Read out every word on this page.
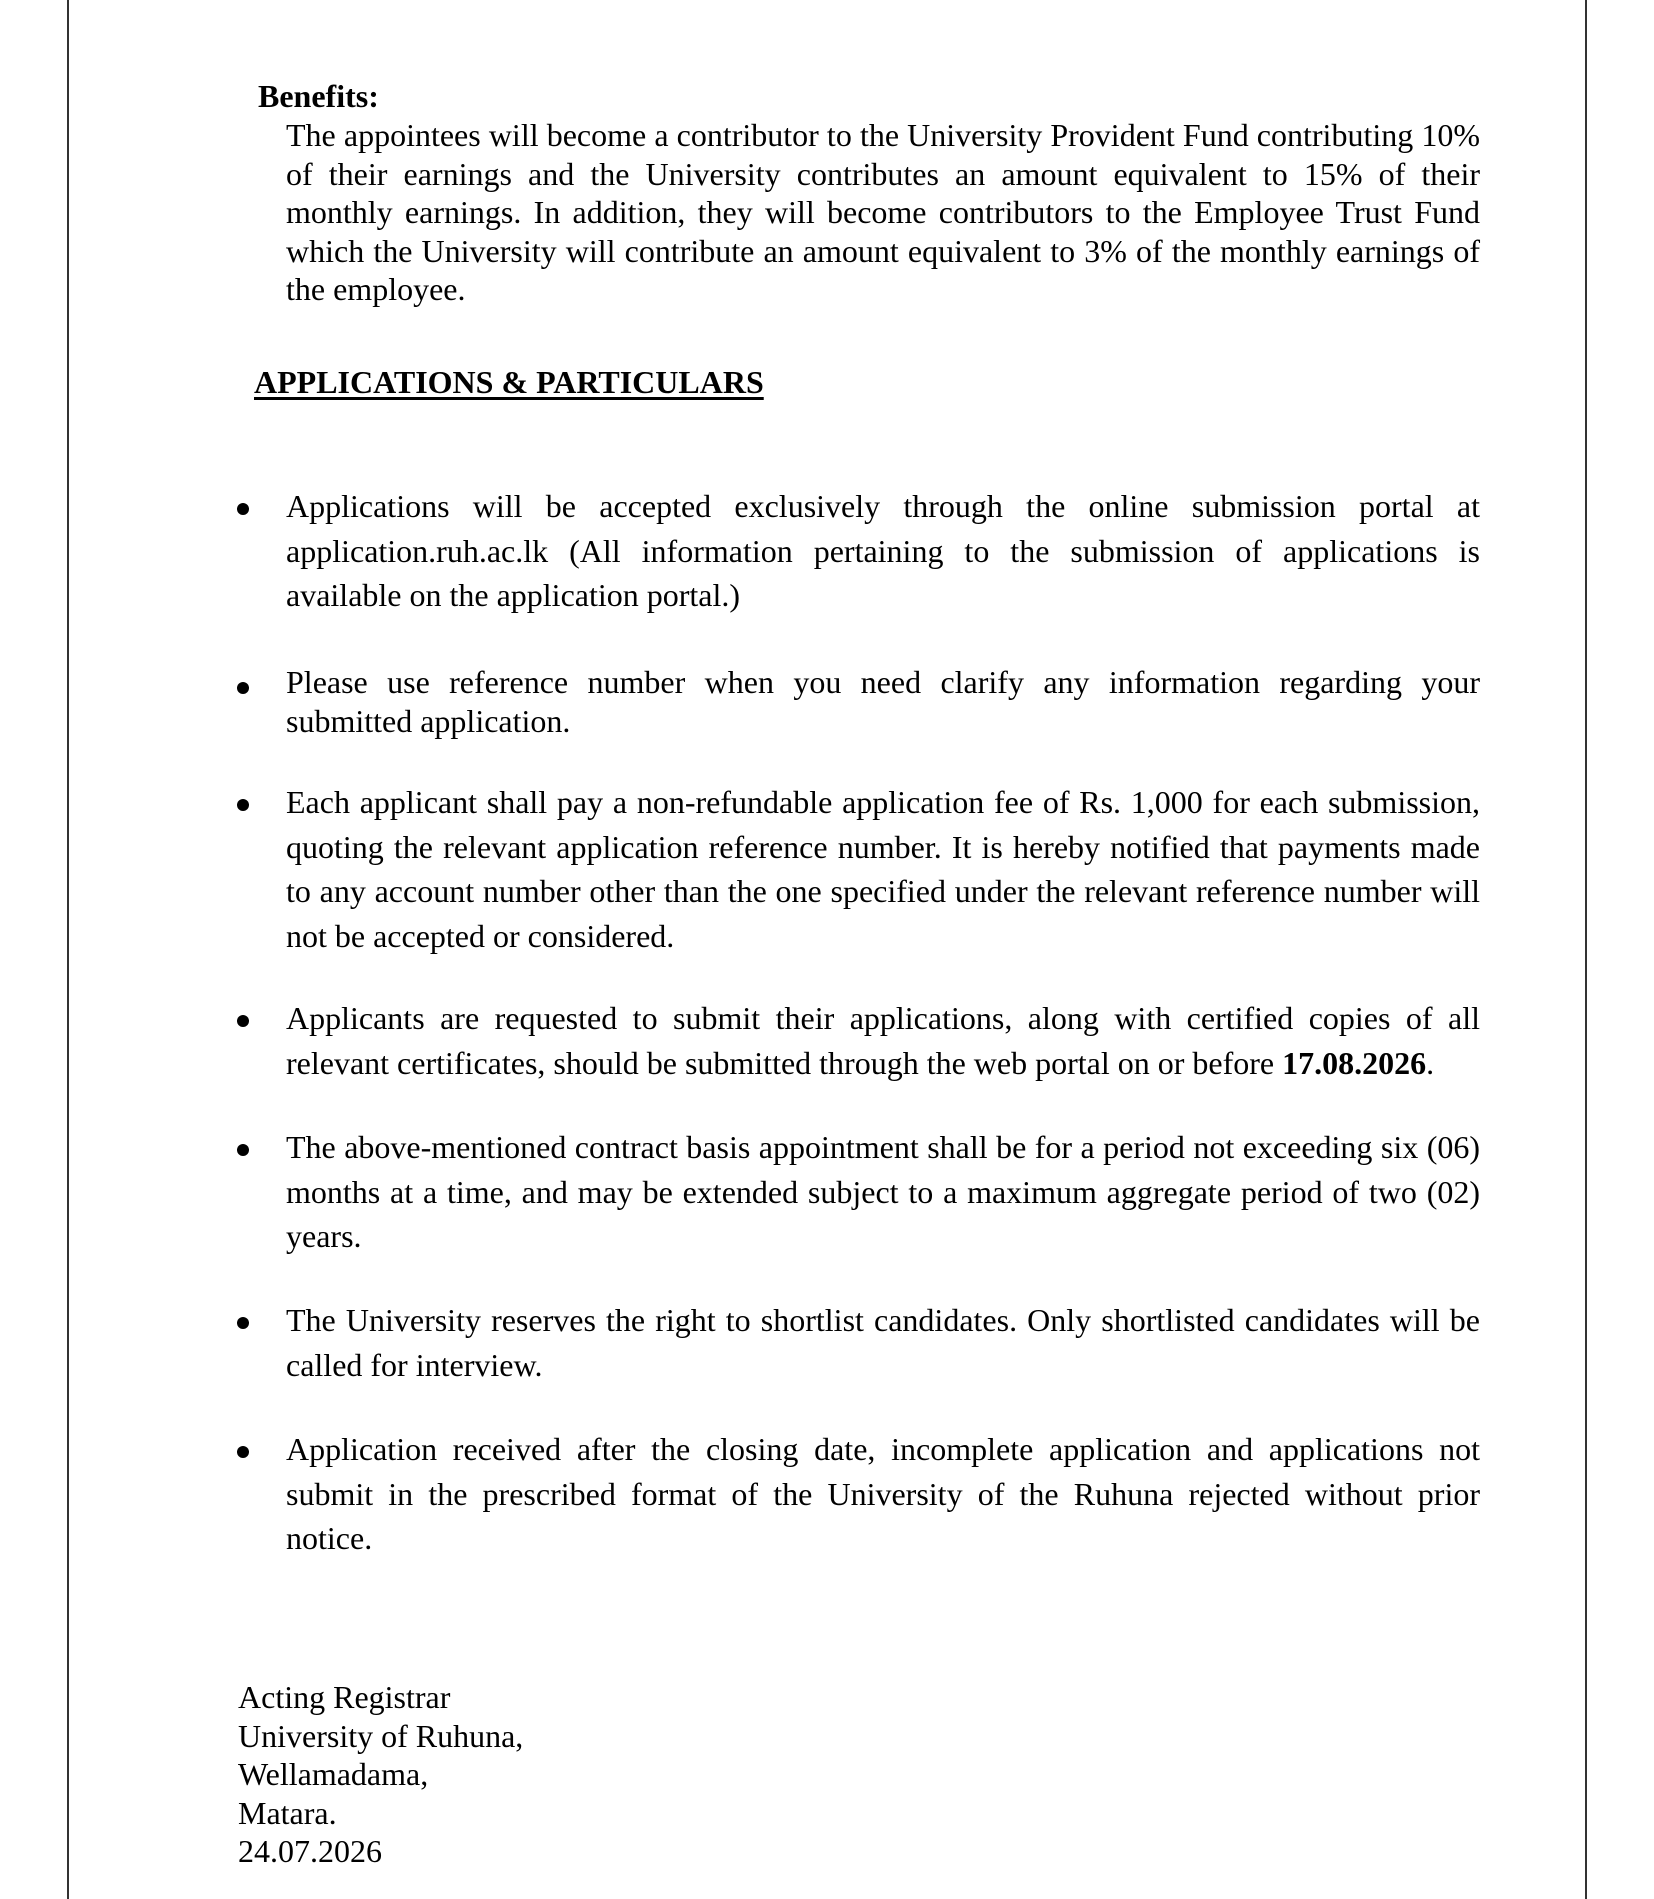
Benefits:

The appointees will become a contributor to the University Provident Fund contributing 10% of their earnings and the University contributes an amount equivalent to 15% of their monthly earnings. In addition, they will become contributors to the Employee Trust Fund which the University will contribute an amount equivalent to 3% of the monthly earnings of the employee.

APPLICATIONS & PARTICULARS

Applications will be accepted exclusively through the online submission portal at application.ruh.ac.lk (All information pertaining to the submission of applications is available on the application portal.)

Please use reference number when you need clarify any information regarding your submitted application.

Each applicant shall pay a non-refundable application fee of Rs. 1,000 for each submission, quoting the relevant application reference number. It is hereby notified that payments made to any account number other than the one specified under the relevant reference number will not be accepted or considered.

Applicants are requested to submit their applications, along with certified copies of all relevant certificates, should be submitted through the web portal on or before 17.08.2026.

The above-mentioned contract basis appointment shall be for a period not exceeding six (06) months at a time, and may be extended subject to a maximum aggregate period of two (02) years.

The University reserves the right to shortlist candidates. Only shortlisted candidates will be called for interview.

Application received after the closing date, incomplete application and applications not submit in the prescribed format of the University of the Ruhuna rejected without prior notice.

Acting Registrar
University of Ruhuna,
Wellamadama,
Matara.
24.07.2026
